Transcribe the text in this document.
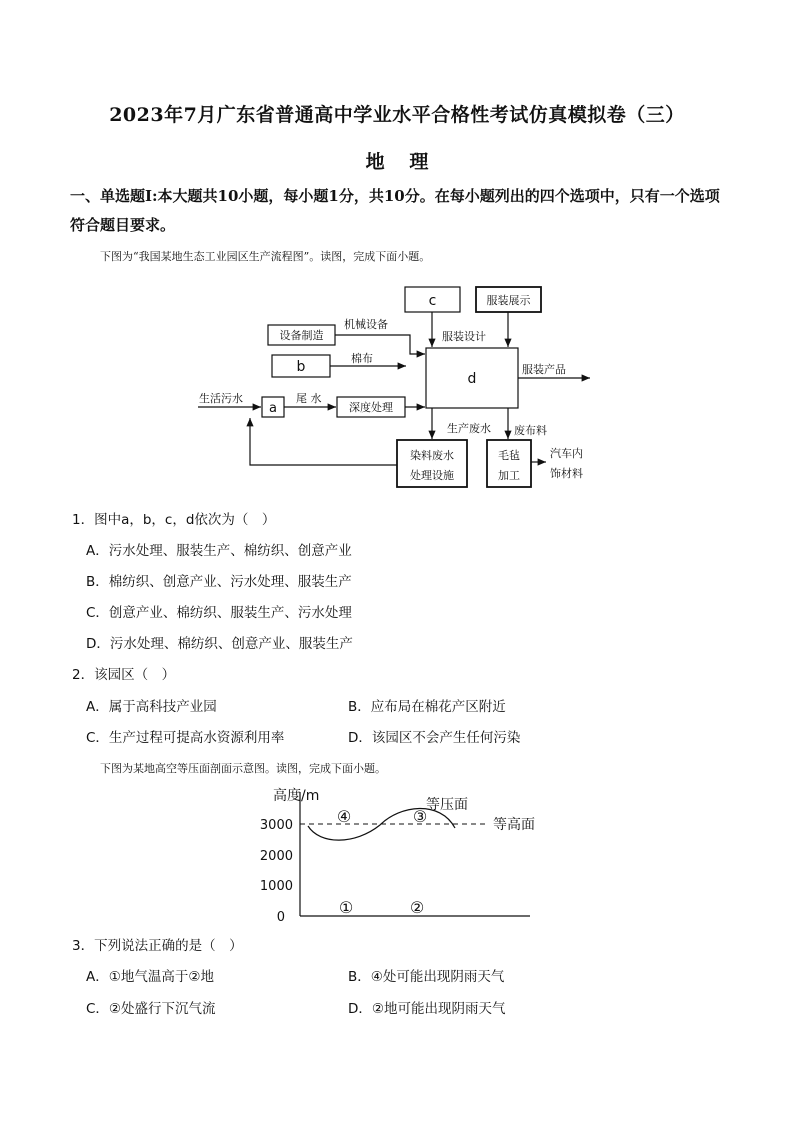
2023年7月广东省普通高中学业水平合格性考试仿真模拟卷（三）
地 理
一、单选题I:本大题共10小题，每小题1分，共10分。在每小题列出的四个选项中，只有一个选项符合题目要求。
下图为“我国某地生态工业园区生产流程图”。读图，完成下面小题。
c	服装展示
设备制造
b
d
a	深度处理
染料废水
处理设施
毛毡
加工
机械设备
服装设计
棉布
服装产品
生活污水	尾 水
生产废水 废布料
汽车内
饰材料
1．图中a，b，c，d依次为（　）
A．污水处理、服装生产、棉纺织、创意产业
B．棉纺织、创意产业、污水处理、服装生产
C．创意产业、棉纺织、服装生产、污水处理
D．污水处理、棉纺织、创意产业、服装生产
2．该园区（　）
A．属于高科技产业园	B．应布局在棉花产区附近
C．生产过程可提高水资源利用率	D．该园区不会产生任何污染
下图为某地高空等压面剖面示意图。读图，完成下面小题。
高度/m
3000
2000
1000
0
等压面
等高面
①	②
③
④
3．下列说法正确的是（　）
A．①地气温高于②地	B．④处可能出现阴雨天气
C．②处盛行下沉气流	D．②地可能出现阴雨天气
